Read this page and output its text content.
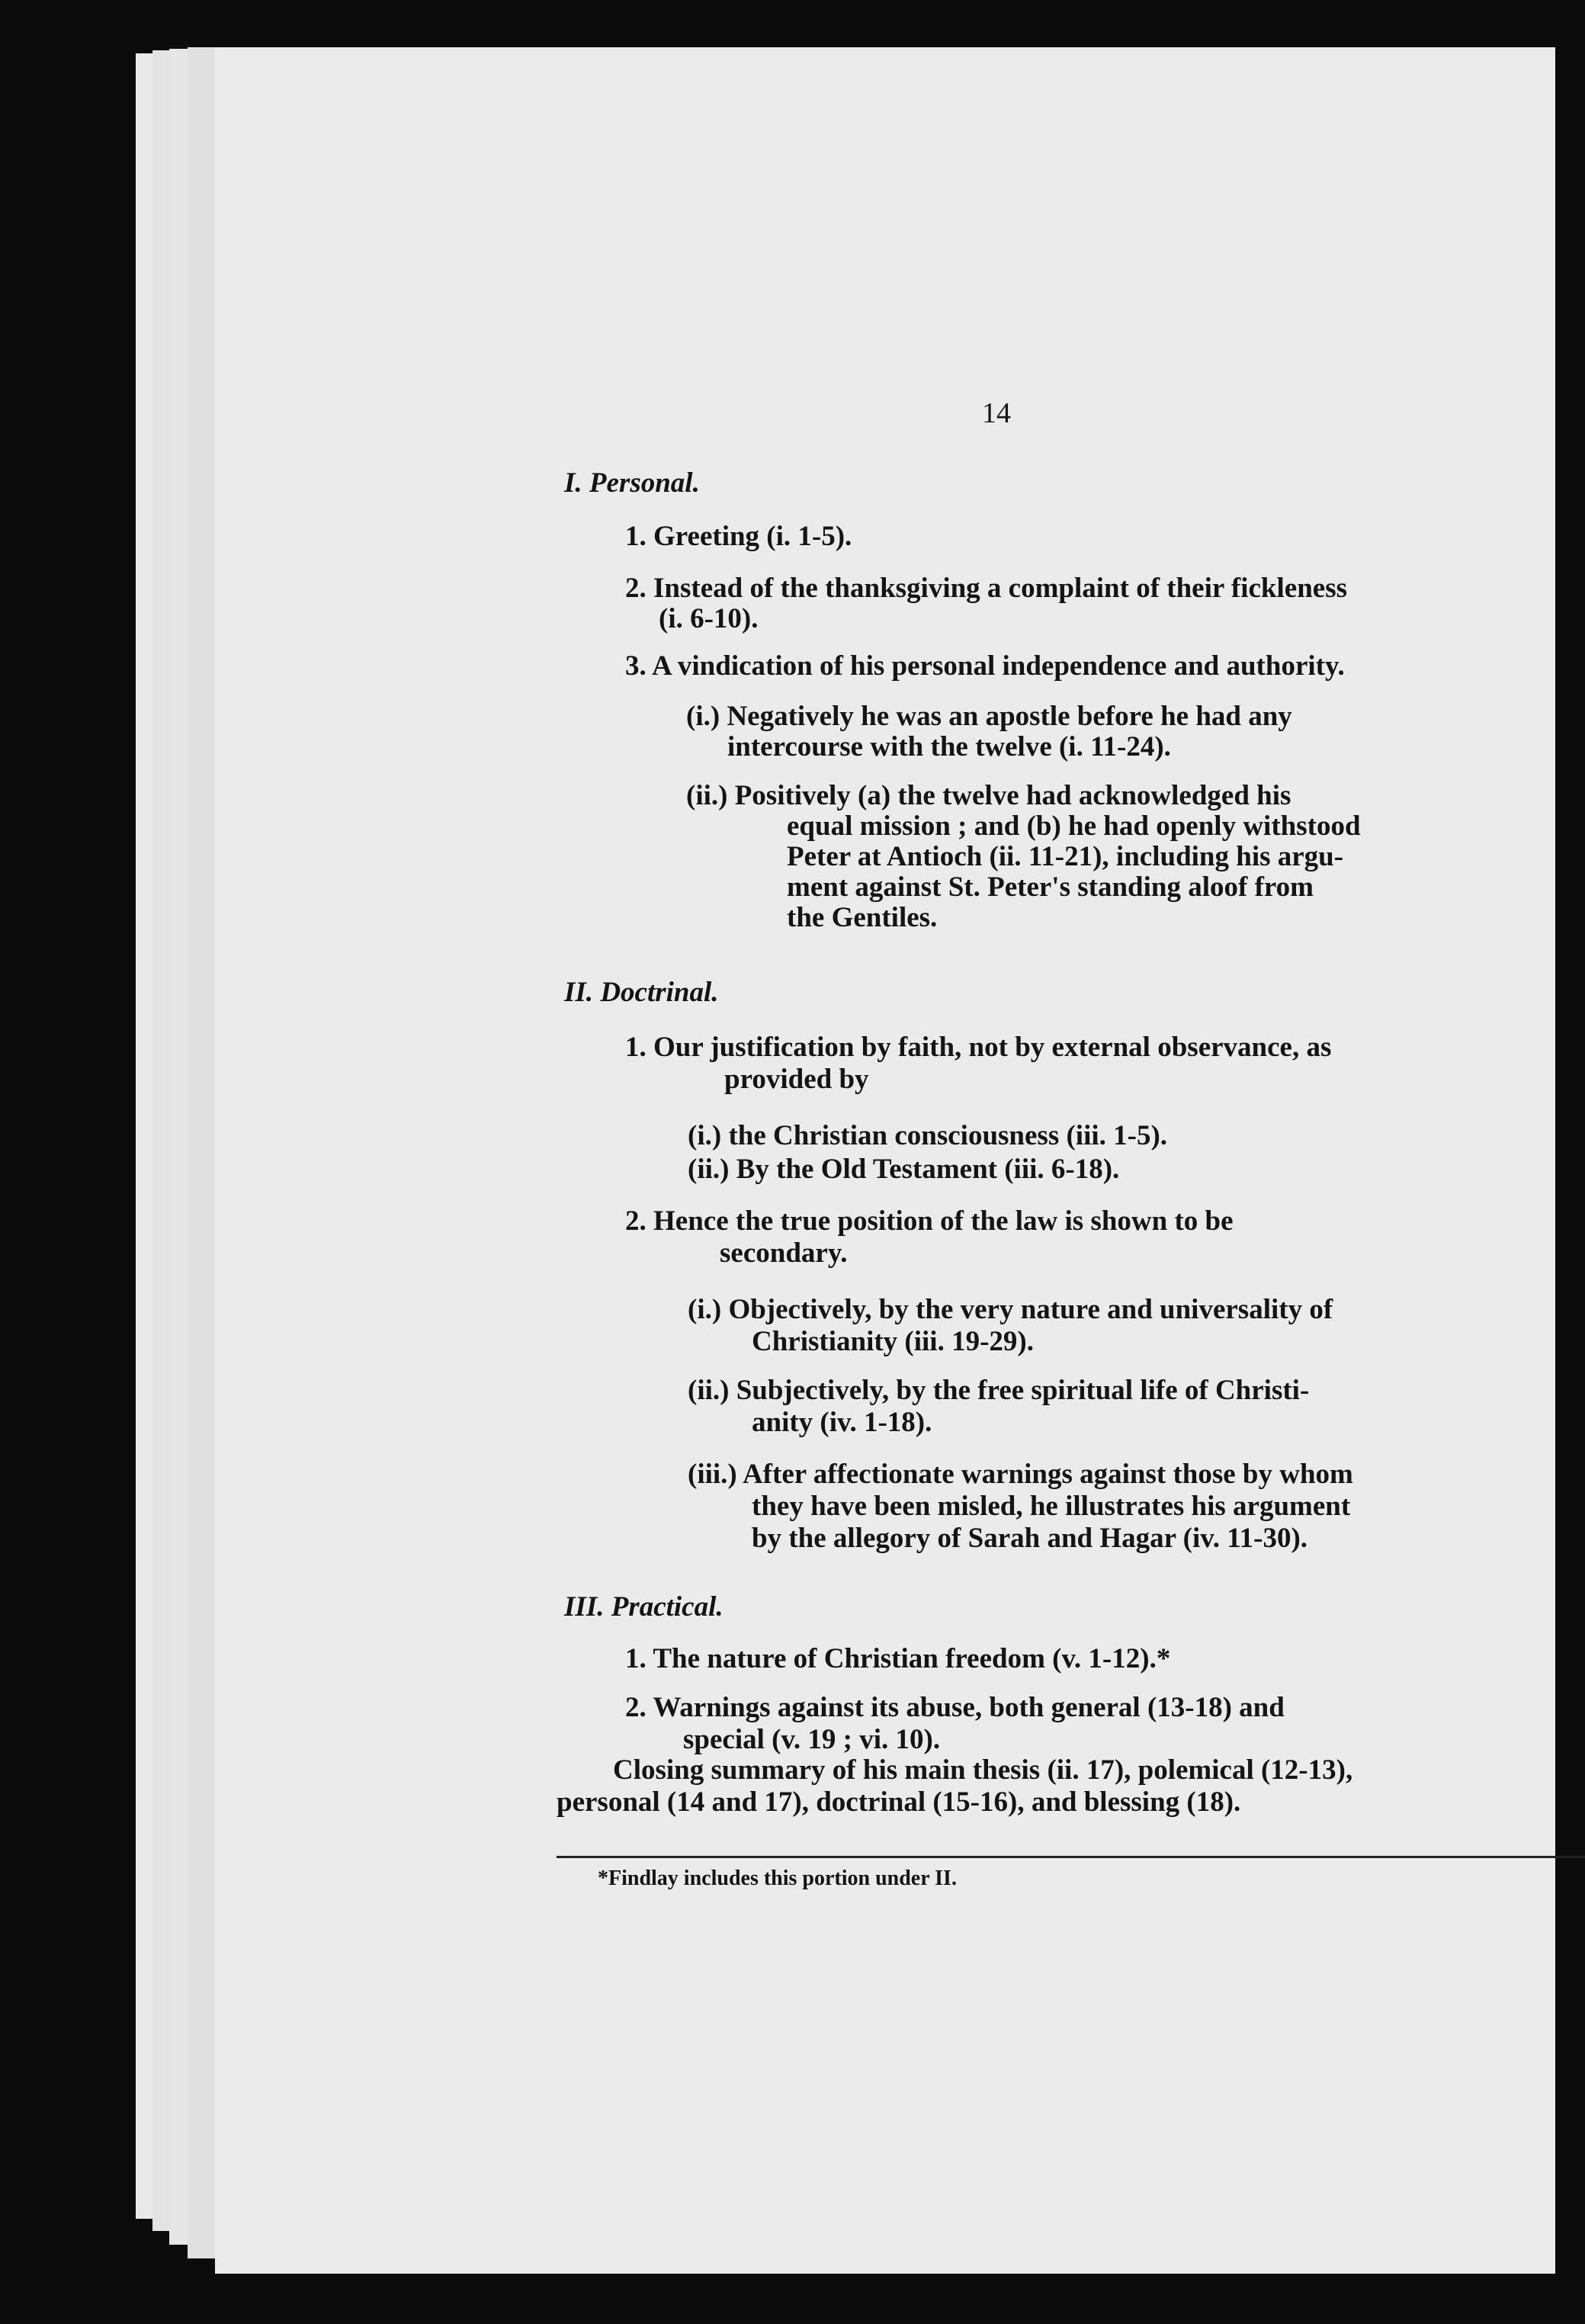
14
I. Personal.
1. Greeting (i. 1-5).
2. Instead of the thanksgiving a complaint of their fickleness
(i. 6-10).
3. A vindication of his personal independence and authority.
(i.) Negatively he was an apostle before he had any
intercourse with the twelve (i. 11-24).
(ii.) Positively (a) the twelve had acknowledged his
equal mission ; and (b) he had openly withstood
Peter at Antioch (ii. 11-21), including his argu-
ment against St. Peter's standing aloof from
the Gentiles.
II. Doctrinal.
1. Our justification by faith, not by external observance, as
provided by
(i.) the Christian consciousness (iii. 1-5).
(ii.) By the Old Testament (iii. 6-18).
2. Hence the true position of the law is shown to be
secondary.
(i.) Objectively, by the very nature and universality of
Christianity (iii. 19-29).
(ii.) Subjectively, by the free spiritual life of Christi-
anity (iv. 1-18).
(iii.) After affectionate warnings against those by whom
they have been misled, he illustrates his argument
by the allegory of Sarah and Hagar (iv. 11-30).
III. Practical.
1. The nature of Christian freedom (v. 1-12).*
2. Warnings against its abuse, both general (13-18) and
special (v. 19 ; vi. 10).
Closing summary of his main thesis (ii. 17), polemical (12-13),
personal (14 and 17), doctrinal (15-16), and blessing (18).
*Findlay includes this portion under II.
